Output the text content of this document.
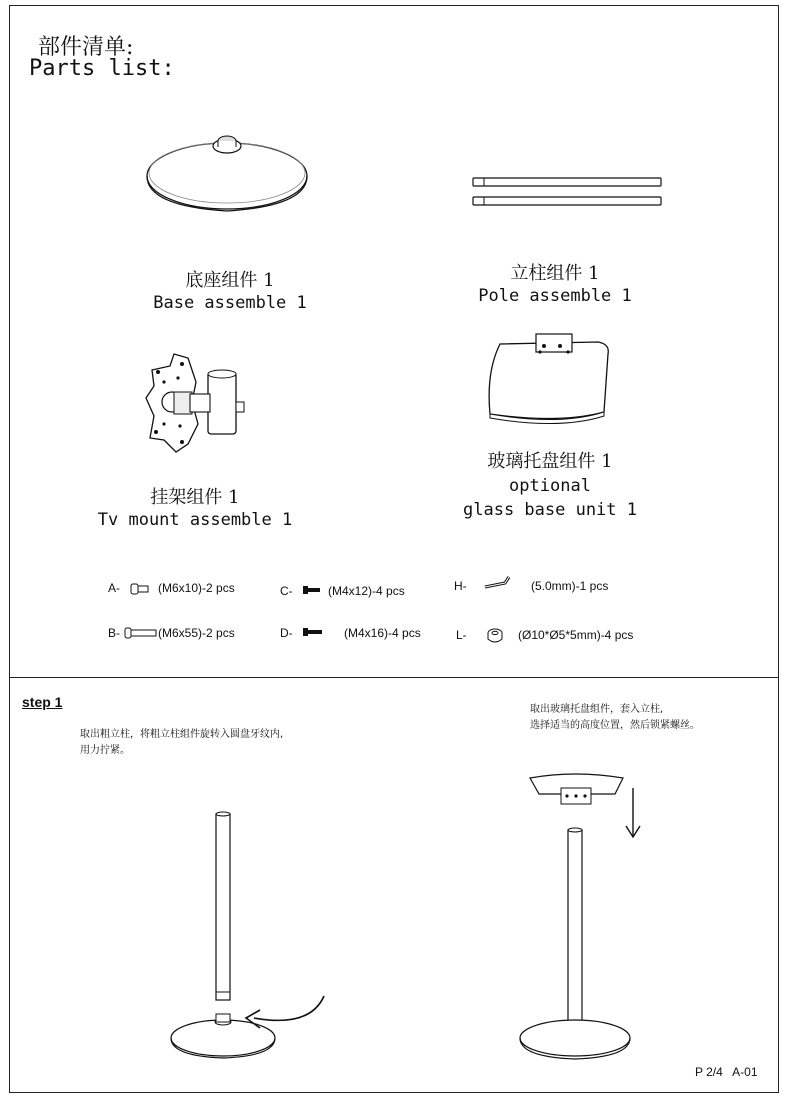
部件清单:
Parts list:
底座组件 1
Base assemble 1
立柱组件 1
Pole assemble 1
挂架组件 1
Tv mount assemble 1
玻璃托盘组件 1
optional
glass base unit 1
A-	(M6x10)-2 pcs
B-	(M6x55)-2 pcs
C-	(M4x12)-4 pcs
D-	(M4x16)-4 pcs
H-	(5.0mm)-1 pcs
L-	(Ø10*Ø5*5mm)-4 pcs
step 1
取出粗立柱，将粗立柱组件旋转入圆盘牙纹内,
用力拧紧。
取出玻璃托盘组件，套入立柱,
选择适当的高度位置，然后锁紧螺丝。
P 2/4   A-01
